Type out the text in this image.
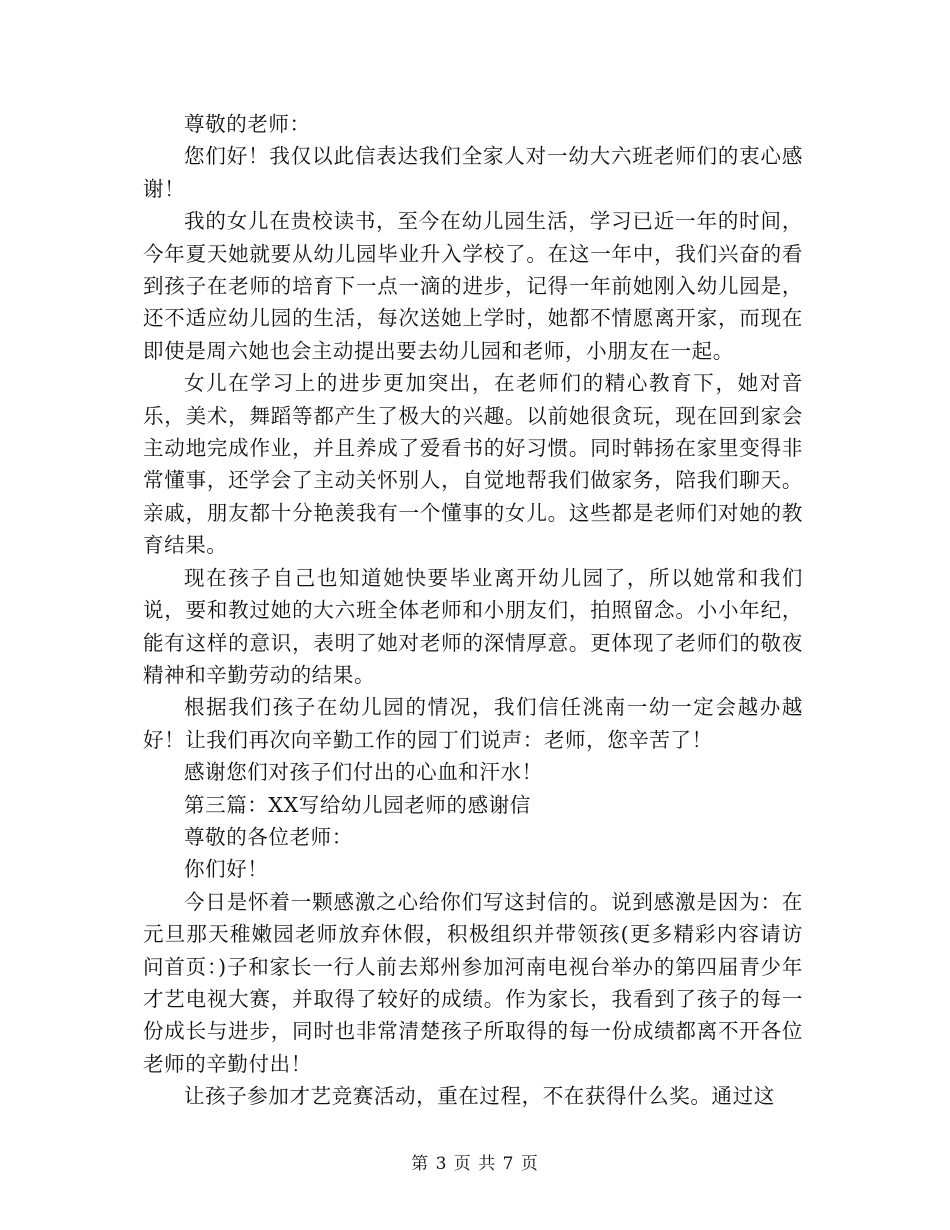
尊敬的老师：

您们好！我仅以此信表达我们全家人对一幼大六班老师们的衷心感谢！

我的女儿在贵校读书，至今在幼儿园生活，学习已近一年的时间，今年夏天她就要从幼儿园毕业升入学校了。在这一年中，我们兴奋的看到孩子在老师的培育下一点一滴的进步，记得一年前她刚入幼儿园是，还不适应幼儿园的生活，每次送她上学时，她都不情愿离开家，而现在即使是周六她也会主动提出要去幼儿园和老师，小朋友在一起。

女儿在学习上的进步更加突出，在老师们的精心教育下，她对音乐，美术，舞蹈等都产生了极大的兴趣。以前她很贪玩，现在回到家会主动地完成作业，并且养成了爱看书的好习惯。同时韩扬在家里变得非常懂事，还学会了主动关怀别人，自觉地帮我们做家务，陪我们聊天。亲戚，朋友都十分艳羡我有一个懂事的女儿。这些都是老师们对她的教育结果。

现在孩子自己也知道她快要毕业离开幼儿园了，所以她常和我们说，要和教过她的大六班全体老师和小朋友们，拍照留念。小小年纪，能有这样的意识，表明了她对老师的深情厚意。更体现了老师们的敬夜精神和辛勤劳动的结果。

根据我们孩子在幼儿园的情况，我们信任洮南一幼一定会越办越好！让我们再次向辛勤工作的园丁们说声：老师，您辛苦了！

感谢您们对孩子们付出的心血和汗水！

第三篇：XX写给幼儿园老师的感谢信

尊敬的各位老师：

你们好！

今日是怀着一颗感激之心给你们写这封信的。说到感激是因为：在元旦那天稚嫩园老师放弃休假，积极组织并带领孩(更多精彩内容请访问首页：)子和家长一行人前去郑州参加河南电视台举办的第四届青少年才艺电视大赛，并取得了较好的成绩。作为家长，我看到了孩子的每一份成长与进步，同时也非常清楚孩子所取得的每一份成绩都离不开各位老师的辛勤付出！

让孩子参加才艺竞赛活动，重在过程，不在获得什么奖。通过这

第 3 页 共 7 页
